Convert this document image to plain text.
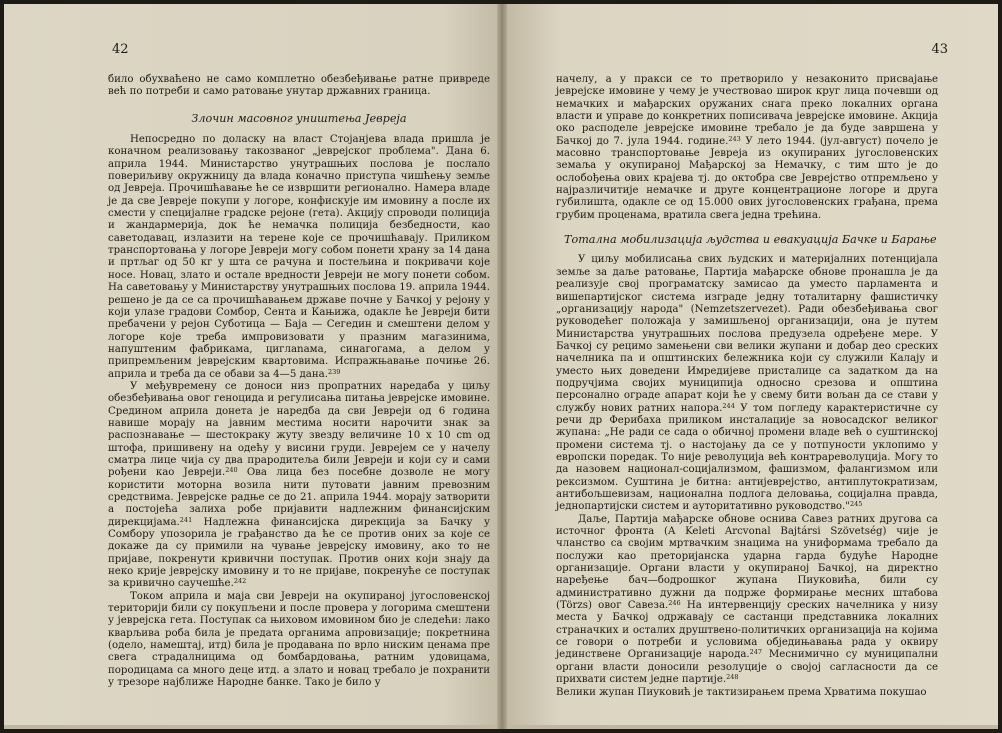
42

било обухваћено не само комплетно обезбеђивање ратне привреде већ по потреби и само ратовање унутар државних граница.

Злочин масовног уништења Јевреја

Непосредно по доласку на власт Стојанјева влада пришла је коначном реализовању такозваног „јеврејског проблема". Дана 6. априла 1944. Министарство унутрашњих послова је послало повериљиву окружницу да влада коначно приступа чишћењу земље од Јевреја. Прочишћавање ће се извршити регионално. Намера владе је да све Јевреје покупи у логоре, конфискује им имовину а после их смести у специјалне градске рејоне (гета). Акцију спроводи полиција и жандармерија, док ће немачка полиција безбедности, као саветодавац, излазити на терене које се прочишћавају. Приликом транспортовања у логоре Јевреји могу собом понети храну за 14 дана и пртљаг од 50 кг у шта се рачуна и постељина и покривачи које носе. Новац, злато и остале вредности Јевреји не могу понети собом. На саветовању у Министарству унутрашњих послова 19. априла 1944. решено је да се са прочишћавањем државе почне у Бачкој у рејону у који улазе градови Сомбор, Сента и Кањижа, одакле ће Јевреји бити пребачени у рејон Суботица — Баја — Сегедин и смештени делом у логоре које треба импровизовати у празним магазинима, напуштеним фабрикама, циглanaма, синагогама, а делом у припремљеним јеврејским квартовима. Испражњавање почиње 26. априла и треба да се обави за 4—5 дана.$^{239}$

У међувремену се доноси низ пропратних наредаба у циљу обезбеђивања овог геноцида и регулисања питања јеврејске имовине. Средином априла донета је наредба да сви Јевреји од 6 година навише морају на јавним местима носити нарочити знак за распознавање — шестокраку жуту звезду величине 10 x 10 cm од штофа, пришивену на одећу у висини груди. Јеврејем се у начелу сматра лице чија су два прародитеља били Јевреји и који су и сами рођени као Јевреји.$^{240}$ Ова лица без посебне дозволе не могу користити моторна возила нити путовати јавним превозним средствима. Јеврејске радње се до 21. априла 1944. морају затворити а постојећа залиха робе пријавити надлежним финансијским дирекцијама.$^{241}$ Надлежна финансијска дирекција за Бачку у Сомбору упозорила је грађанство да ће се против оних за које се докаже да су примили на чување јеврејску имовину, ако то не пријаве, покренути кривични поступак. Против оних који знају да неко крије јеврејску имовину и то не пријаве, покренуће се поступак за кривично саучешће.$^{242}$

Током априла и маја сви Јевреји на окупираној југословенској територији били су покупљени и после провера у логорима смештени у јеврејска гета. Поступак са њиховом имовином био је следећи: лако кварљива роба била је предата органима апровизације; покретнина (одело, намештај, итд) била је продавана по врло ниским ценама пре свега страдалницима од бомбардовања, ратним удовицама, породицама са много деце итд. а злато и новац требало је похранити у трезоре најближе Народне банке. Тако је било у

43

начелу, а у пракси се то претворило у незаконито присвајање јеврејске имовине у чему је учествовао широк круг лица почевши од немачких и мађарских оружаних снага преко локалних органа власти и управе до конкретних пописивача јеврејске имовине. Акција око расподеле јеврејске имовине требало је да буде завршена у Бачкој до 7. јула 1944. године.$^{243}$ У лето 1944. (јул-август) почело је масовно транспортовање Јевреја из окупираних југословенских земаља у окупираној Мађарској за Немачку, с тим што је до ослобођења ових крајева тј. до октобра све Јеврејство отпремљено у најразличитије немачке и друге концентрационе логоре и друга губилишта, одакле се од 15.000 ових југословенских грађана, према грубим проценама, вратила свега једна трећина.

Тотална мобилизација људства и евакуација Бачке и Барање

У циљу мобилисања свих људских и материјалних потенцијала земље за даље ратовање, Партија мађарске обнове пронашла је да реализује свој програматску замисао да уместо парламента и вишепартијског система изграде једну тоталитарну фашистичку „организацију народа" (Nemzetszervezet). Ради обезбеђивања свог руководећег положаја у замишљеној организацији, она је путем Министарства унутрашњих послова предузела одређене мере. У Бачкој су рецимо замењени сви велики жупани и добар део среских начелника па и општинских бележника који су служили Калају и уместо њих доведени Имредијеве присталице са задатком да на подручјима својих муниципија односно срезова и општина персонално ограде апарат који ће у свему бити вољан да се стави у службу нових ратних напора.$^{244}$ У том погледу карактеристичне су речи др Ферибаха приликом инсталације за новосадског великог жупана: „Не ради се сада о обичној промени владе већ о суштинској промени система тј. о настојању да се у потпуности уклопимо у европски поредак. То није револуција већ контрареволуција. Могу то да назовем национал-социјализмом, фашизмом, фалангизмом или рексизмом. Суштина је битна: антијеврејство, антиплутократизам, антибољшевизам, национална подлога деловања, социјална правда, једнопартијски систем и ауторитативно руководство."$^{245}$

Даље, Партија мађарске обнове оснива Савез ратних другова са источног фронта (A Keleti Arcvonal Bajtársi Szövetség) чије је чланство са својим мртвачким знацима на униформама требало да послужи као преторијанска ударна гарда будуће Народне организације. Органи власти у окупираној Бачкој, на директно наређење бач—бодрошког жупана Пиуковића, били су административно дужни да подрже формирање месних штабова (Törzs) овог Савеза.$^{246}$ На интервенцију среских начелника у низу места у Бачкој одржавају се састанци представника локалних страначких и осталих друштвено-политичких организација на којима се говори о потреби и условима обједињавања рада у оквиру јединствене Организације народа.$^{247}$ Меснимично су муниципални органи власти доносили резолуције о својој сагласности да се прихвати систем једне партије.$^{248}$

Велики жупан Пиуковић је тактизирањем према Хрватима покушао
